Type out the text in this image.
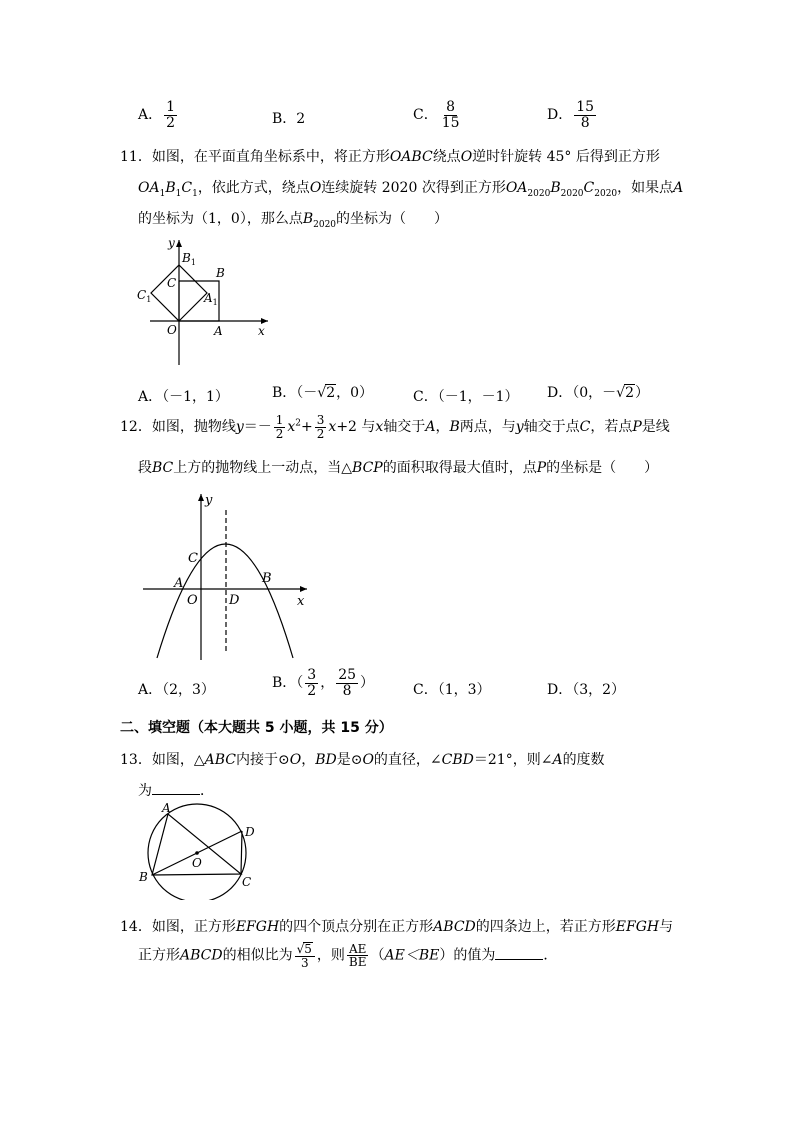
A． $\frac{1}{2}$	B．2	C． $\frac{8}{15}$	D． $\frac{15}{8}$
11．如图，在平面直角坐标系中，将正方形OABC绕点O逆时针旋转 45° 后得到正方形
$OA_1B_1C_1$，依此方式，绕点O连续旋转 2020 次得到正方形$OA_{2020}B_{2020}C_{2020}$，如果点A
的坐标为（1，0），那么点$B_{2020}$的坐标为（　　）
y
x
O	A
B
C
$B_1$
$A_1$
$C_1$
A．（－1，1）	B．（－√2，0）	C．（－1，－1） D．（0，－√2）
12．如图，抛物线$y=- \frac{1}{2} x^2+ \frac{3}{2} x+2$ 与x轴交于A，B两点，与y轴交于点C，若点P是线
段BC上方的抛物线上一动点，当△BCP的面积取得最大值时，点P的坐标是（　　）
y
x
O
A	B
C
D
A．（2，3）	B．（ $\frac{3}{2}$ ， $\frac{25}{8}$ ）	C．（1，3）	D．（3，2）
二、填空题（本大题共 5 小题，共 15 分）
13．如图，△ABC内接于⊙O，BD是⊙O的直径，∠CBD＝21°，则∠A的度数
为	．
A
B	C
D
O
14．如图，正方形EFGH的四个顶点分别在正方形ABCD的四条边上，若正方形EFGH与
正方形ABCD的相似比为 $\frac{√5}{3}$ ，则 $\frac{AE}{BE} (AE<BE)$的值为	．
